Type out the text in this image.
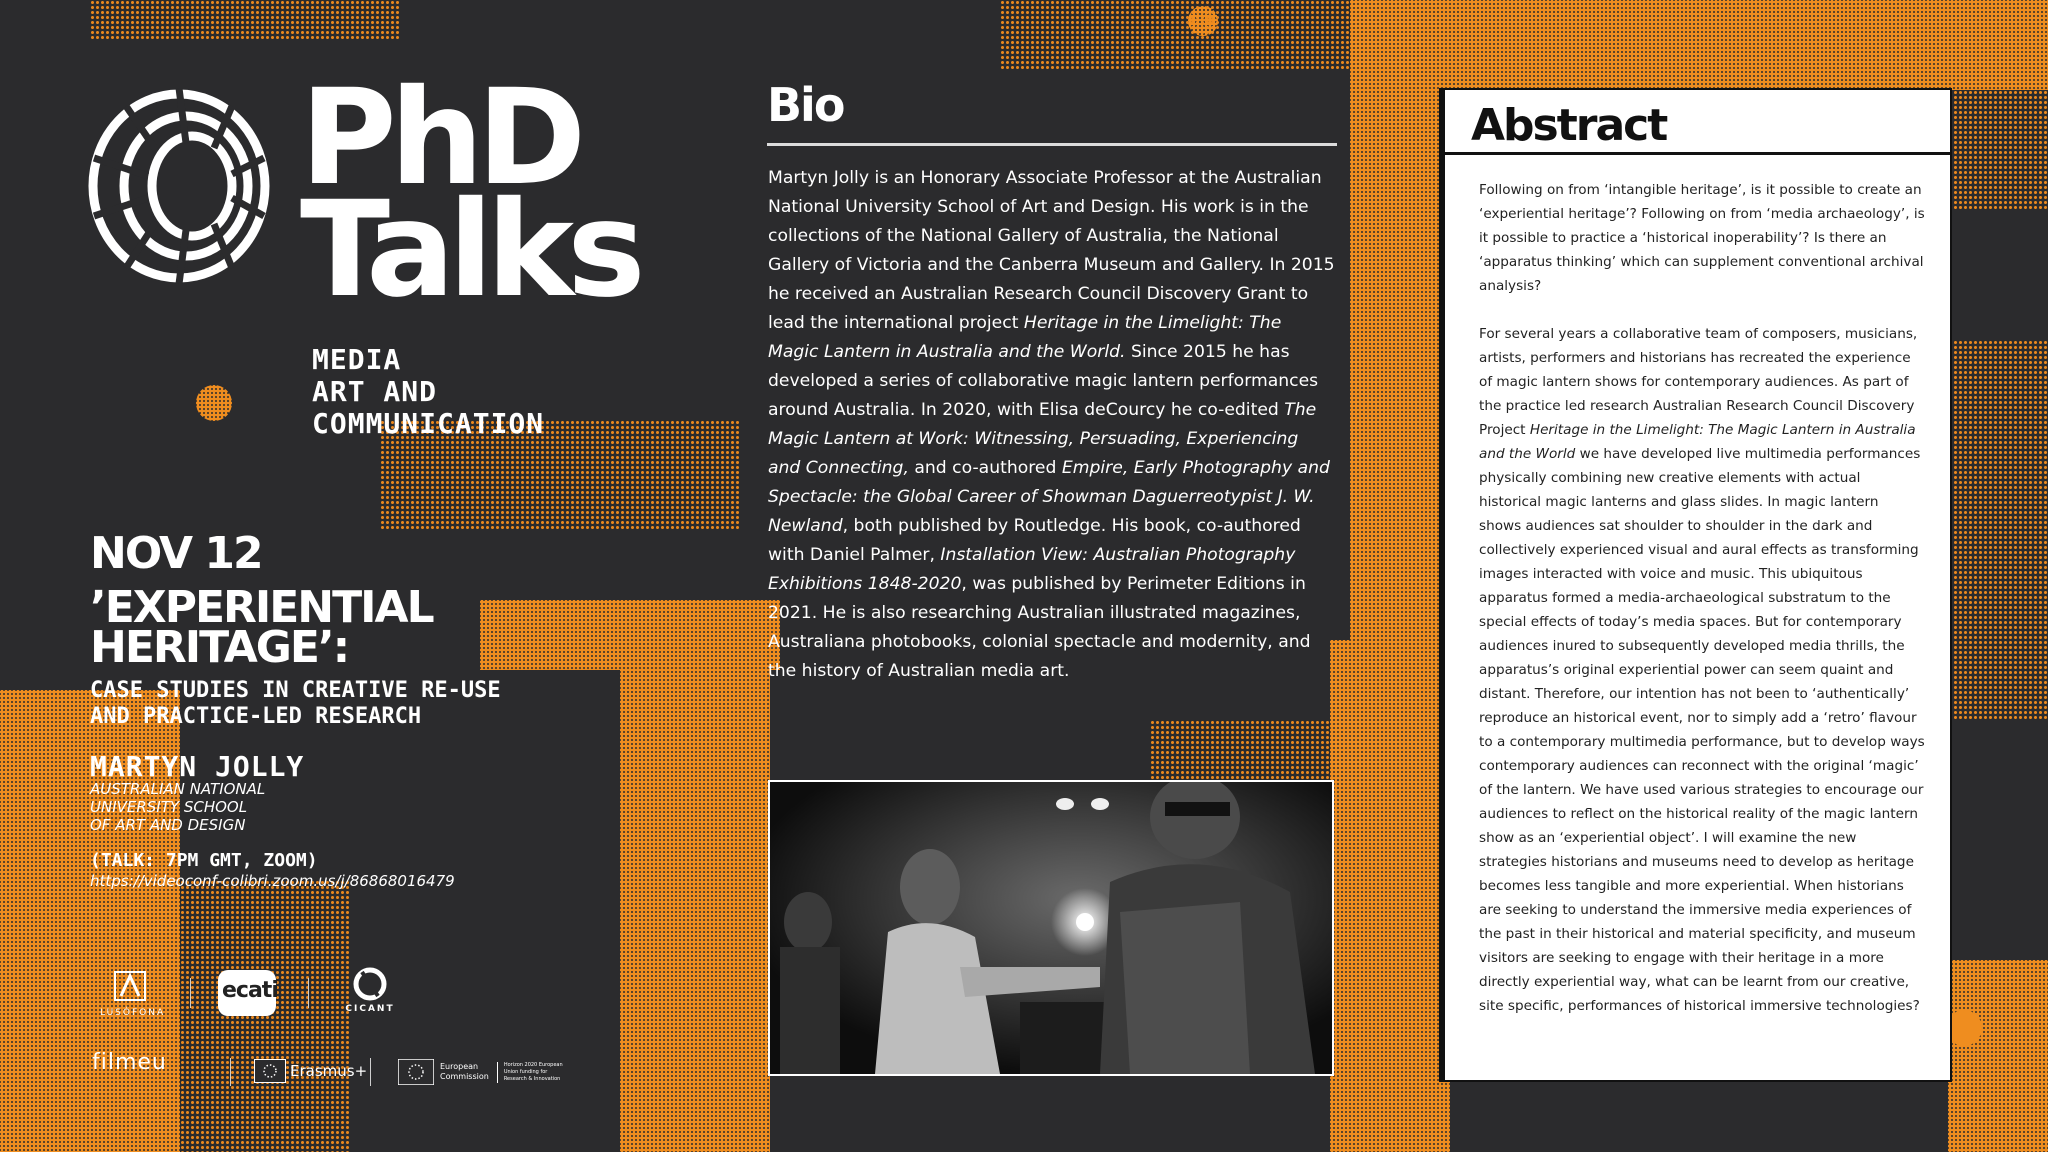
PhD
Talks
MEDIA
ART AND
COMMUNICATION
NOV 12
’EXPERIENTIAL
HERITAGE’:
CASE STUDIES IN CREATIVE RE-USE
AND PRACTICE-LED RESEARCH
MARTYN JOLLY
AUSTRALIAN NATIONAL
UNIVERSITY SCHOOL
OF ART AND DESIGN
(TALK: 7PM GMT, ZOOM)
https://videoconf-colibri.zoom.us/j/86868016479
LUSÓFONA
ecati
CICANT
filmeu	Erasmus+	European
Commission
Horizon 2020 European Union funding for Research & Innovation
Bio
Martyn Jolly is an Honorary Associate Professor at the Australian National University School of Art and Design. His work is in the collections of the National Gallery of Australia, the National Gallery of Victoria and the Canberra Museum and Gallery. In 2015 he received an Australian Research Council Discovery Grant to lead the international project Heritage in the Limelight: The Magic Lantern in Australia and the World. Since 2015 he has developed a series of collaborative magic lantern performances around Australia. In 2020, with Elisa deCourcy he co-edited The Magic Lantern at Work: Witnessing, Persuading, Experiencing and Connecting, and co-authored Empire, Early Photography and Spectacle: the Global Career of Showman Daguerreotypist J. W. Newland, both published by Routledge. His book, co-authored with Daniel Palmer, Installation View: Australian Photography Exhibitions 1848-2020, was published by Perimeter Editions in 2021. He is also researching Australian illustrated magazines, Australiana photobooks, colonial spectacle and modernity, and the history of Australian media art.
Abstract

Following on from ‘intangible heritage’, is it possible to create an ‘experiential heritage’? Following on from ‘media archaeology’, is it possible to practice a ‘historical inoperability’? Is there an ‘apparatus thinking’ which can supplement conventional archival analysis?

For several years a collaborative team of composers, musicians, artists, performers and historians has recreated the experience of magic lantern shows for contemporary audiences. As part of the practice led research Australian Research Council Discovery Project Heritage in the Limelight: The Magic Lantern in Australia and the World we have developed live multimedia performances physically combining new creative elements with actual historical magic lanterns and glass slides. In magic lantern shows audiences sat shoulder to shoulder in the dark and collectively experienced visual and aural effects as transforming images interacted with voice and music. This ubiquitous apparatus formed a media-archaeological substratum to the special effects of today’s media spaces. But for contemporary audiences inured to subsequently developed media thrills, the apparatus’s original experiential power can seem quaint and distant. Therefore, our intention has not been to ‘authentically’ reproduce an historical event, nor to simply add a ‘retro’ flavour to a contemporary multimedia performance, but to develop ways contemporary audiences can reconnect with the original ‘magic’ of the lantern. We have used various strategies to encourage our audiences to reflect on the historical reality of the magic lantern show as an ‘experiential object’. I will examine the new strategies historians and museums need to develop as heritage becomes less tangible and more experiential. When historians are seeking to understand the immersive media experiences of the past in their historical and material specificity, and museum visitors are seeking to engage with their heritage in a more directly experiential way, what can be learnt from our creative, site specific, performances of historical immersive technologies?
